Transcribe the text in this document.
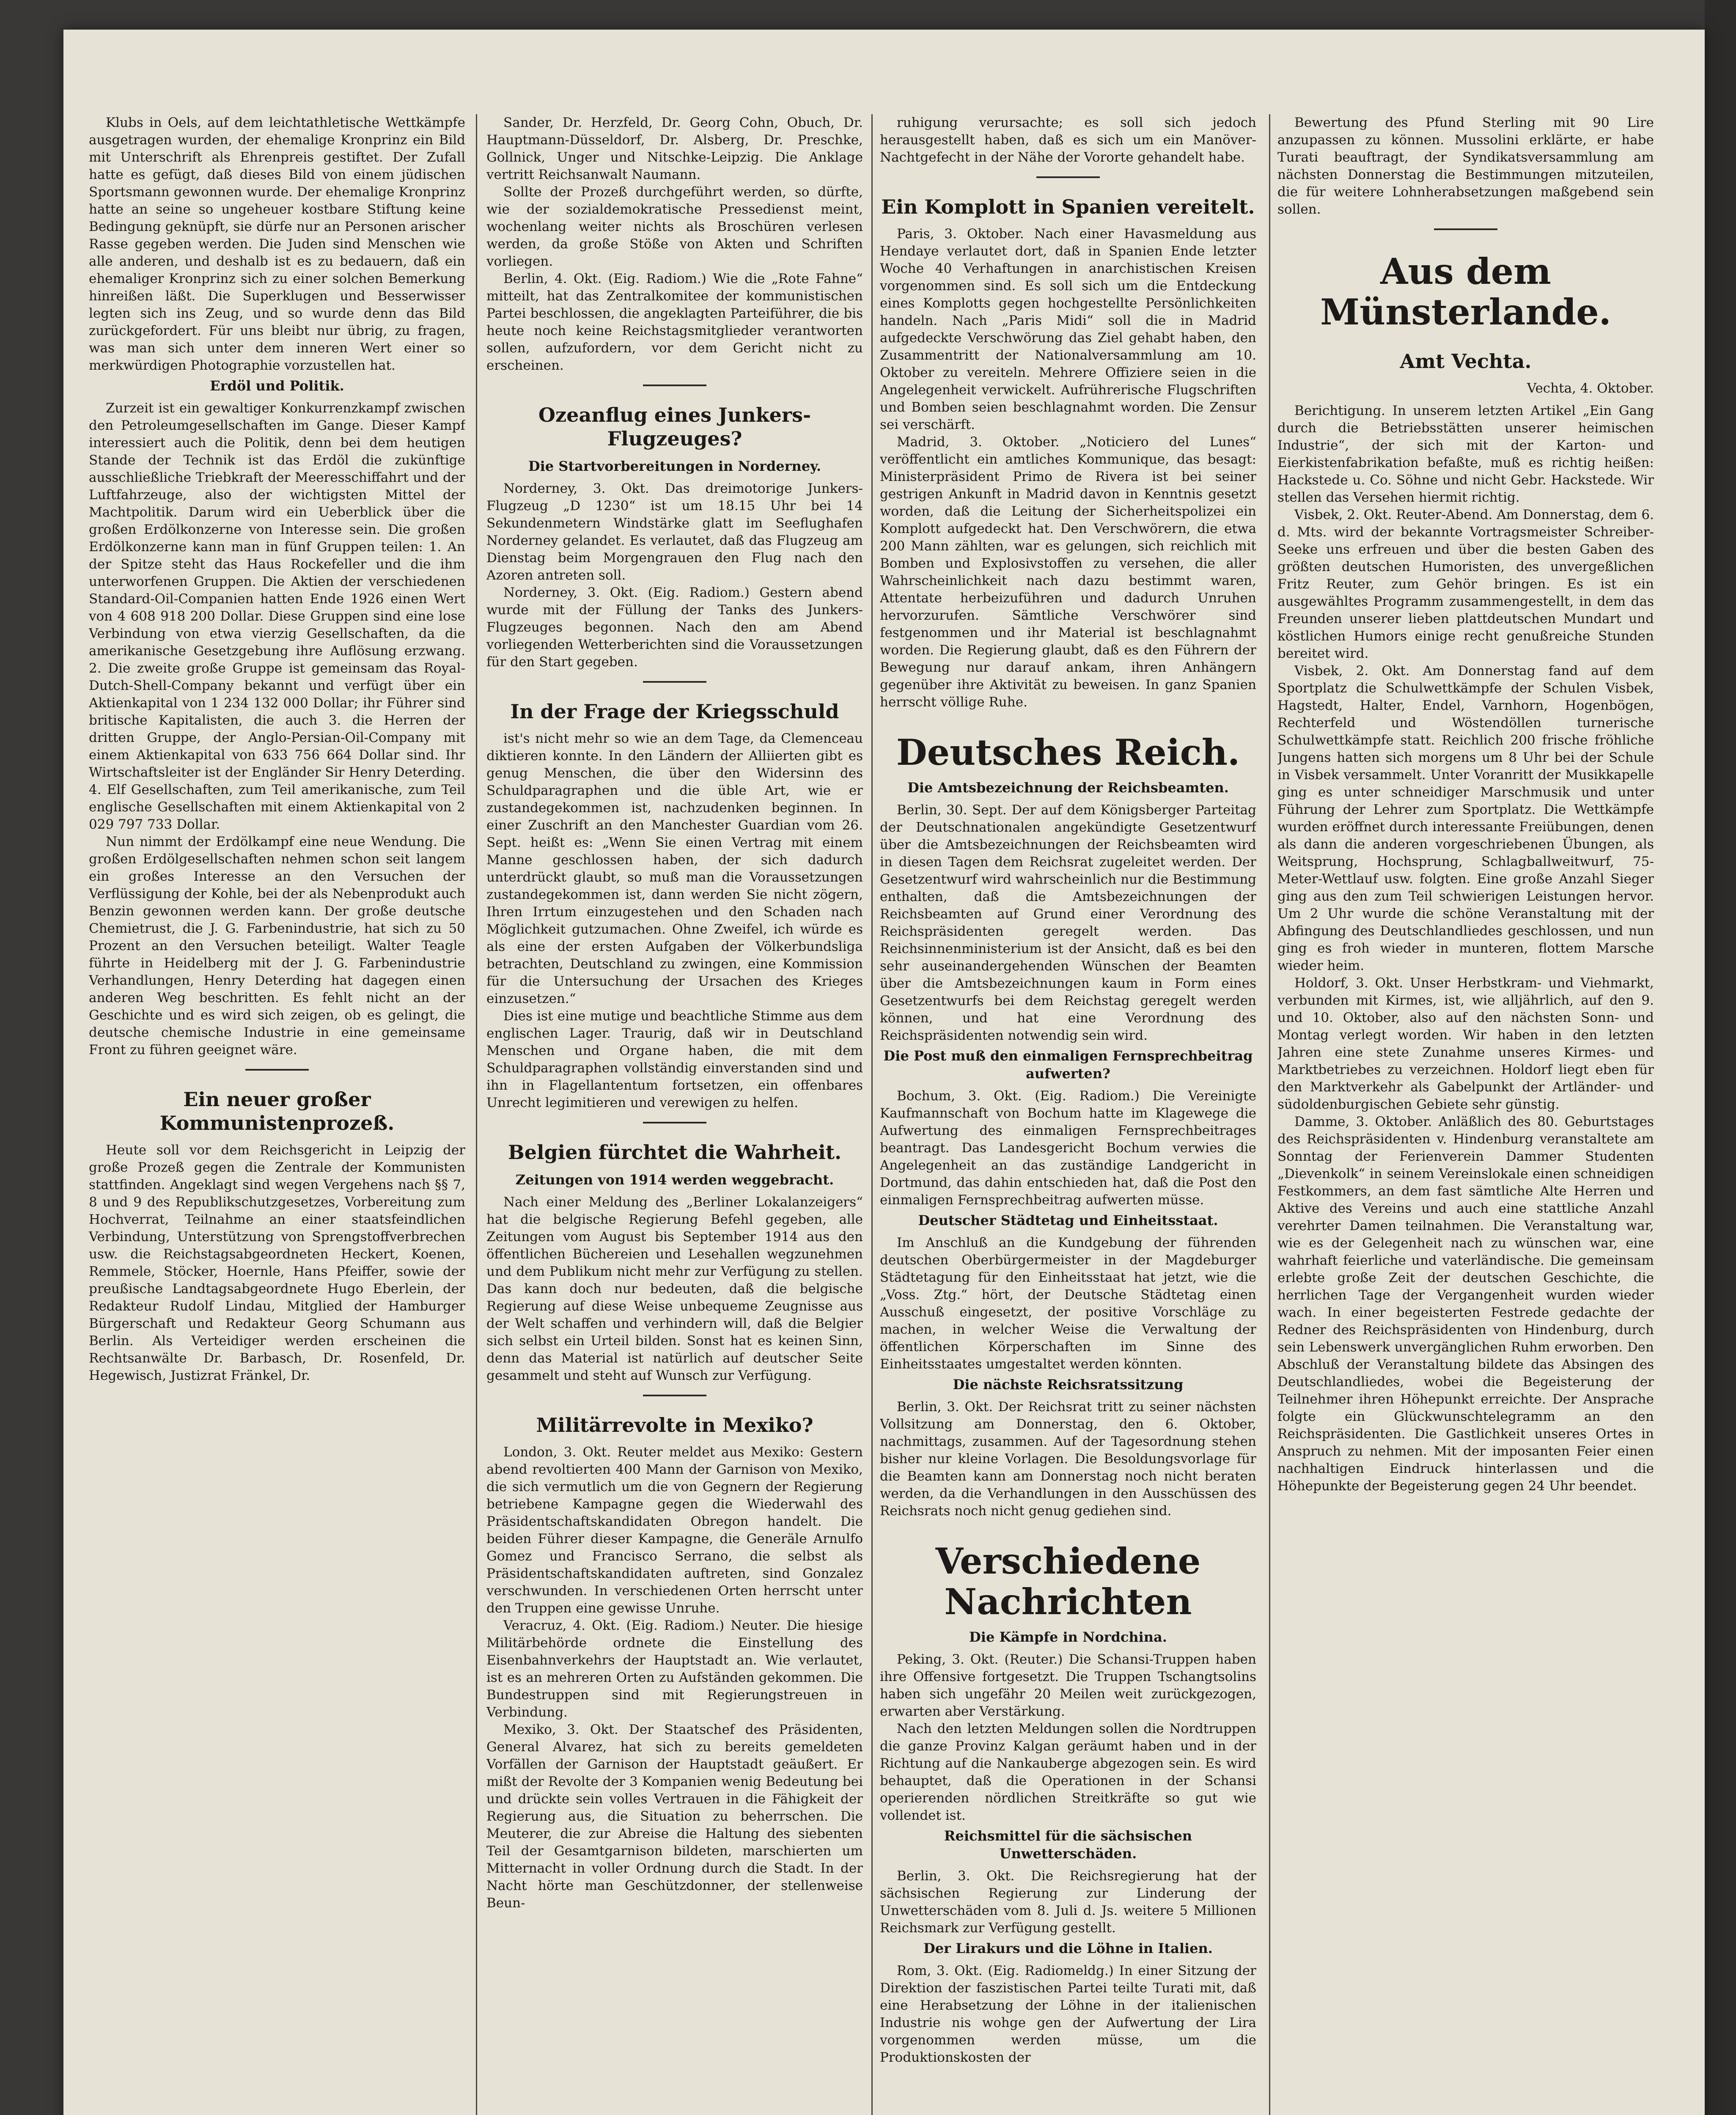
Klubs in Oels, auf dem leichtathletische Wettkämpfe ausgetragen wurden, der ehemalige Kronprinz ein Bild mit Unterschrift als Ehrenpreis gestiftet. Der Zufall hatte es gefügt, daß dieses Bild von einem jüdischen Sportsmann gewonnen wurde. Der ehemalige Kronprinz hatte an seine so ungeheuer kostbare Stiftung keine Bedingung geknüpft, sie dürfe nur an Personen arischer Rasse gegeben werden. Die Juden sind Menschen wie alle anderen, und deshalb ist es zu bedauern, daß ein ehemaliger Kronprinz sich zu einer solchen Bemerkung hinreißen läßt. Die Superklugen und Besserwisser legten sich ins Zeug, und so wurde denn das Bild zurückgefordert. Für uns bleibt nur übrig, zu fragen, was man sich unter dem inneren Wert einer so merkwürdigen Photographie vorzustellen hat.

Erdöl und Politik.

Zurzeit ist ein gewaltiger Konkurrenzkampf zwischen den Petroleumgesellschaften im Gange. Dieser Kampf interessiert auch die Politik, denn bei dem heutigen Stande der Technik ist das Erdöl die zukünftige ausschließliche Triebkraft der Meeresschiffahrt und der Luftfahrzeuge, also der wichtigsten Mittel der Machtpolitik. Darum wird ein Ueberblick über die großen Erdölkonzerne von Interesse sein. Die großen Erdölkonzerne kann man in fünf Gruppen teilen: 1. An der Spitze steht das Haus Rockefeller und die ihm unterworfenen Gruppen. Die Aktien der verschiedenen Standard-Oil-Companien hatten Ende 1926 einen Wert von 4 608 918 200 Dollar. Diese Gruppen sind eine lose Verbindung von etwa vierzig Gesellschaften, da die amerikanische Gesetzgebung ihre Auflösung erzwang. 2. Die zweite große Gruppe ist gemeinsam das Royal-Dutch-Shell-Company bekannt und verfügt über ein Aktienkapital von 1 234 132 000 Dollar; ihr Führer sind britische Kapitalisten, die auch 3. die Herren der dritten Gruppe, der Anglo-Persian-Oil-Company mit einem Aktienkapital von 633 756 664 Dollar sind. Ihr Wirtschaftsleiter ist der Engländer Sir Henry Deterding. 4. Elf Gesellschaften, zum Teil amerikanische, zum Teil englische Gesellschaften mit einem Aktienkapital von 2 029 797 733 Dollar.

Nun nimmt der Erdölkampf eine neue Wendung. Die großen Erdölgesellschaften nehmen schon seit langem ein großes Interesse an den Versuchen der Verflüssigung der Kohle, bei der als Nebenprodukt auch Benzin gewonnen werden kann. Der große deutsche Chemietrust, die J. G. Farbenindustrie, hat sich zu 50 Prozent an den Versuchen beteiligt. Walter Teagle führte in Heidelberg mit der J. G. Farbenindustrie Verhandlungen, Henry Deterding hat dagegen einen anderen Weg beschritten. Es fehlt nicht an der Geschichte und es wird sich zeigen, ob es gelingt, die deutsche chemische Industrie in eine gemeinsame Front zu führen geeignet wäre.

Ein neuer großer Kommunistenprozeß.

Heute soll vor dem Reichsgericht in Leipzig der große Prozeß gegen die Zentrale der Kommunisten stattfinden. Angeklagt sind wegen Vergehens nach §§ 7, 8 und 9 des Republikschutzgesetzes, Vorbereitung zum Hochverrat, Teilnahme an einer staatsfeindlichen Verbindung, Unterstützung von Sprengstoffverbrechen usw. die Reichstagsabgeordneten Heckert, Koenen, Remmele, Stöcker, Hoernle, Hans Pfeiffer, sowie der preußische Landtagsabgeordnete Hugo Eberlein, der Redakteur Rudolf Lindau, Mitglied der Hamburger Bürgerschaft und Redakteur Georg Schumann aus Berlin. Als Verteidiger werden erscheinen die Rechtsanwälte Dr. Barbasch, Dr. Rosenfeld, Dr. Hegewisch, Justizrat Fränkel, Dr.

Sander, Dr. Herzfeld, Dr. Georg Cohn, Obuch, Dr. Hauptmann-Düsseldorf, Dr. Alsberg, Dr. Preschke, Gollnick, Unger und Nitschke-Leipzig. Die Anklage vertritt Reichsanwalt Naumann.

Sollte der Prozeß durchgeführt werden, so dürfte, wie der sozialdemokratische Pressedienst meint, wochenlang weiter nichts als Broschüren verlesen werden, da große Stöße von Akten und Schriften vorliegen.

Berlin, 4. Okt. (Eig. Radiom.) Wie die „Rote Fahne“ mitteilt, hat das Zentralkomitee der kommunistischen Partei beschlossen, die angeklagten Parteiführer, die bis heute noch keine Reichstagsmitglieder verantworten sollen, aufzufordern, vor dem Gericht nicht zu erscheinen.

Ozeanflug eines Junkers-Flugzeuges?
Die Startvorbereitungen in Norderney.

Norderney, 3. Okt. Das dreimotorige Junkers-Flugzeug „D 1230“ ist um 18.15 Uhr bei 14 Sekundenmetern Windstärke glatt im Seeflughafen Norderney gelandet. Es verlautet, daß das Flugzeug am Dienstag beim Morgengrauen den Flug nach den Azoren antreten soll.

Norderney, 3. Okt. (Eig. Radiom.) Gestern abend wurde mit der Füllung der Tanks des Junkers-Flugzeuges begonnen. Nach den am Abend vorliegenden Wetterberichten sind die Voraussetzungen für den Start gegeben.

In der Frage der Kriegsschuld

ist's nicht mehr so wie an dem Tage, da Clemenceau diktieren konnte. In den Ländern der Alliierten gibt es genug Menschen, die über den Widersinn des Schuldparagraphen und die üble Art, wie er zustandegekommen ist, nachzudenken beginnen. In einer Zuschrift an den Manchester Guardian vom 26. Sept. heißt es: „Wenn Sie einen Vertrag mit einem Manne geschlossen haben, der sich dadurch unterdrückt glaubt, so muß man die Voraussetzungen zustandegekommen ist, dann werden Sie nicht zögern, Ihren Irrtum einzugestehen und den Schaden nach Möglichkeit gutzumachen. Ohne Zweifel, ich würde es als eine der ersten Aufgaben der Völkerbundsliga betrachten, Deutschland zu zwingen, eine Kommission für die Untersuchung der Ursachen des Krieges einzusetzen.“

Dies ist eine mutige und beachtliche Stimme aus dem englischen Lager. Traurig, daß wir in Deutschland Menschen und Organe haben, die mit dem Schuldparagraphen vollständig einverstanden sind und ihn in Flagellantentum fortsetzen, ein offenbares Unrecht legimitieren und verewigen zu helfen.

Belgien fürchtet die Wahrheit.
Zeitungen von 1914 werden weggebracht.

Nach einer Meldung des „Berliner Lokalanzeigers“ hat die belgische Regierung Befehl gegeben, alle Zeitungen vom August bis September 1914 aus den öffentlichen Büchereien und Lesehallen wegzunehmen und dem Publikum nicht mehr zur Verfügung zu stellen. Das kann doch nur bedeuten, daß die belgische Regierung auf diese Weise unbequeme Zeugnisse aus der Welt schaffen und verhindern will, daß die Belgier sich selbst ein Urteil bilden. Sonst hat es keinen Sinn, denn das Material ist natürlich auf deutscher Seite gesammelt und steht auf Wunsch zur Verfügung.

Militärrevolte in Mexiko?

London, 3. Okt. Reuter meldet aus Mexiko: Gestern abend revoltierten 400 Mann der Garnison von Mexiko, die sich vermutlich um die von Gegnern der Regierung betriebene Kampagne gegen die Wiederwahl des Präsidentschaftskandidaten Obregon handelt. Die beiden Führer dieser Kampagne, die Generäle Arnulfo Gomez und Francisco Serrano, die selbst als Präsidentschaftskandidaten auftreten, sind Gonzalez verschwunden. In verschiedenen Orten herrscht unter den Truppen eine gewisse Unruhe.

Veracruz, 4. Okt. (Eig. Radiom.) Neuter. Die hiesige Militärbehörde ordnete die Einstellung des Eisenbahnverkehrs der Hauptstadt an. Wie verlautet, ist es an mehreren Orten zu Aufständen gekommen. Die Bundestruppen sind mit Regierungstreuen in Verbindung.

Mexiko, 3. Okt. Der Staatschef des Präsidenten, General Alvarez, hat sich zu bereits gemeldeten Vorfällen der Garnison der Hauptstadt geäußert. Er mißt der Revolte der 3 Kompanien wenig Bedeutung bei und drückte sein volles Vertrauen in die Fähigkeit der Regierung aus, die Situation zu beherrschen. Die Meuterer, die zur Abreise die Haltung des siebenten Teil der Gesamtgarnison bildeten, marschierten um Mitternacht in voller Ordnung durch die Stadt. In der Nacht hörte man Geschützdonner, der stellenweise Beun-

ruhigung verursachte; es soll sich jedoch herausgestellt haben, daß es sich um ein Manöver-Nachtgefecht in der Nähe der Vororte gehandelt habe.

Ein Komplott in Spanien vereitelt.

Paris, 3. Oktober. Nach einer Havasmeldung aus Hendaye verlautet dort, daß in Spanien Ende letzter Woche 40 Verhaftungen in anarchistischen Kreisen vorgenommen sind. Es soll sich um die Entdeckung eines Komplotts gegen hochgestellte Persönlichkeiten handeln. Nach „Paris Midi“ soll die in Madrid aufgedeckte Verschwörung das Ziel gehabt haben, den Zusammentritt der Nationalversammlung am 10. Oktober zu vereiteln. Mehrere Offiziere seien in die Angelegenheit verwickelt. Aufrührerische Flugschriften und Bomben seien beschlagnahmt worden. Die Zensur sei verschärft.

Madrid, 3. Oktober. „Noticiero del Lunes“ veröffentlicht ein amtliches Kommunique, das besagt: Ministerpräsident Primo de Rivera ist bei seiner gestrigen Ankunft in Madrid davon in Kenntnis gesetzt worden, daß die Leitung der Sicherheitspolizei ein Komplott aufgedeckt hat. Den Verschwörern, die etwa 200 Mann zählten, war es gelungen, sich reichlich mit Bomben und Explosivstoffen zu versehen, die aller Wahrscheinlichkeit nach dazu bestimmt waren, Attentate herbeizuführen und dadurch Unruhen hervorzurufen. Sämtliche Verschwörer sind festgenommen und ihr Material ist beschlagnahmt worden. Die Regierung glaubt, daß es den Führern der Bewegung nur darauf ankam, ihren Anhängern gegenüber ihre Aktivität zu beweisen. In ganz Spanien herrscht völlige Ruhe.

Deutsches Reich.
Die Amtsbezeichnung der Reichsbeamten.

Berlin, 30. Sept. Der auf dem Königsberger Parteitag der Deutschnationalen angekündigte Gesetzentwurf über die Amtsbezeichnungen der Reichsbeamten wird in diesen Tagen dem Reichsrat zugeleitet werden. Der Gesetzentwurf wird wahrscheinlich nur die Bestimmung enthalten, daß die Amtsbezeichnungen der Reichsbeamten auf Grund einer Verordnung des Reichspräsidenten geregelt werden. Das Reichsinnenministerium ist der Ansicht, daß es bei den sehr auseinandergehenden Wünschen der Beamten über die Amtsbezeichnungen kaum in Form eines Gesetzentwurfs bei dem Reichstag geregelt werden können, und hat eine Verordnung des Reichspräsidenten notwendig sein wird.

Die Post muß den einmaligen Fernsprechbeitrag aufwerten?

Bochum, 3. Okt. (Eig. Radiom.) Die Vereinigte Kaufmannschaft von Bochum hatte im Klagewege die Aufwertung des einmaligen Fernsprechbeitrages beantragt. Das Landesgericht Bochum verwies die Angelegenheit an das zuständige Landgericht in Dortmund, das dahin entschieden hat, daß die Post den einmaligen Fernsprechbeitrag aufwerten müsse.

Deutscher Städtetag und Einheitsstaat.

Im Anschluß an die Kundgebung der führenden deutschen Oberbürgermeister in der Magdeburger Städtetagung für den Einheitsstaat hat jetzt, wie die „Voss. Ztg.“ hört, der Deutsche Städtetag einen Ausschuß eingesetzt, der positive Vorschläge zu machen, in welcher Weise die Verwaltung der öffentlichen Körperschaften im Sinne des Einheitsstaates umgestaltet werden könnten.

Die nächste Reichsratssitzung

Berlin, 3. Okt. Der Reichsrat tritt zu seiner nächsten Vollsitzung am Donnerstag, den 6. Oktober, nachmittags, zusammen. Auf der Tagesordnung stehen bisher nur kleine Vorlagen. Die Besoldungsvorlage für die Beamten kann am Donnerstag noch nicht beraten werden, da die Verhandlungen in den Ausschüssen des Reichsrats noch nicht genug gediehen sind.

Verschiedene Nachrichten
Die Kämpfe in Nordchina.

Peking, 3. Okt. (Reuter.) Die Schansi-Truppen haben ihre Offensive fortgesetzt. Die Truppen Tschangtsolins haben sich ungefähr 20 Meilen weit zurückgezogen, erwarten aber Verstärkung.

Nach den letzten Meldungen sollen die Nordtruppen die ganze Provinz Kalgan geräumt haben und in der Richtung auf die Nankauberge abgezogen sein. Es wird behauptet, daß die Operationen in der Schansi operierenden nördlichen Streitkräfte so gut wie vollendet ist.

Reichsmittel für die sächsischen Unwetterschäden.

Berlin, 3. Okt. Die Reichsregierung hat der sächsischen Regierung zur Linderung der Unwetterschäden vom 8. Juli d. Js. weitere 5 Millionen Reichsmark zur Verfügung gestellt.

Der Lirakurs und die Löhne in Italien.

Rom, 3. Okt. (Eig. Radiomeldg.) In einer Sitzung der Direktion der faszistischen Partei teilte Turati mit, daß eine Herabsetzung der Löhne in der italienischen Industrie nis wohge gen der Aufwertung der Lira vorgenommen werden müsse, um die Produktionskosten der

Bewertung des Pfund Sterling mit 90 Lire anzupassen zu können. Mussolini erklärte, er habe Turati beauftragt, der Syndikatsversammlung am nächsten Donnerstag die Bestimmungen mitzuteilen, die für weitere Lohnherabsetzungen maßgebend sein sollen.

Aus dem Münsterlande.
Amt Vechta.

Vechta, 4. Oktober.

Berichtigung. In unserem letzten Artikel „Ein Gang durch die Betriebsstätten unserer heimischen Industrie“, der sich mit der Karton- und Eierkistenfabrikation befaßte, muß es richtig heißen: Hackstede u. Co. Söhne und nicht Gebr. Hackstede. Wir stellen das Versehen hiermit richtig.

Visbek, 2. Okt. Reuter-Abend. Am Donnerstag, dem 6. d. Mts. wird der bekannte Vortragsmeister Schreiber-Seeke uns erfreuen und über die besten Gaben des größten deutschen Humoristen, des unvergeßlichen Fritz Reuter, zum Gehör bringen. Es ist ein ausgewähltes Programm zusammengestellt, in dem das Freunden unserer lieben plattdeutschen Mundart und köstlichen Humors einige recht genußreiche Stunden bereitet wird.

Visbek, 2. Okt. Am Donnerstag fand auf dem Sportplatz die Schulwettkämpfe der Schulen Visbek, Hagstedt, Halter, Endel, Varnhorn, Hogenbögen, Rechterfeld und Wöstendöllen turnerische Schulwettkämpfe statt. Reichlich 200 frische fröhliche Jungens hatten sich morgens um 8 Uhr bei der Schule in Visbek versammelt. Unter Voranritt der Musikkapelle ging es unter schneidiger Marschmusik und unter Führung der Lehrer zum Sportplatz. Die Wettkämpfe wurden eröffnet durch interessante Freiübungen, denen als dann die anderen vorgeschriebenen Übungen, als Weitsprung, Hochsprung, Schlagballweitwurf, 75-Meter-Wettlauf usw. folgten. Eine große Anzahl Sieger ging aus den zum Teil schwierigen Leistungen hervor. Um 2 Uhr wurde die schöne Veranstaltung mit der Abfingung des Deutschlandliedes geschlossen, und nun ging es froh wieder in munteren, flottem Marsche wieder heim.

Holdorf, 3. Okt. Unser Herbstkram- und Viehmarkt, verbunden mit Kirmes, ist, wie alljährlich, auf den 9. und 10. Oktober, also auf den nächsten Sonn- und Montag verlegt worden. Wir haben in den letzten Jahren eine stete Zunahme unseres Kirmes- und Marktbetriebes zu verzeichnen. Holdorf liegt eben für den Marktverkehr als Gabelpunkt der Artländer- und südoldenburgischen Gebiete sehr günstig.

Damme, 3. Oktober. Anläßlich des 80. Geburtstages des Reichspräsidenten v. Hindenburg veranstaltete am Sonntag der Ferienverein Dammer Studenten „Dievenkolk“ in seinem Vereinslokale einen schneidigen Festkommers, an dem fast sämtliche Alte Herren und Aktive des Vereins und auch eine stattliche Anzahl verehrter Damen teilnahmen. Die Veranstaltung war, wie es der Gelegenheit nach zu wünschen war, eine wahrhaft feierliche und vaterländische. Die gemeinsam erlebte große Zeit der deutschen Geschichte, die herrlichen Tage der Vergangenheit wurden wieder wach. In einer begeisterten Festrede gedachte der Redner des Reichspräsidenten von Hindenburg, durch sein Lebenswerk unvergänglichen Ruhm erworben. Den Abschluß der Veranstaltung bildete das Absingen des Deutschlandliedes, wobei die Begeisterung der Teilnehmer ihren Höhepunkt erreichte. Der Ansprache folgte ein Glückwunschtelegramm an den Reichspräsidenten. Die Gastlichkeit unseres Ortes in Anspruch zu nehmen. Mit der imposanten Feier einen nachhaltigen Eindruck hinterlassen und die Höhepunkte der Begeisterung gegen 24 Uhr beendet.
